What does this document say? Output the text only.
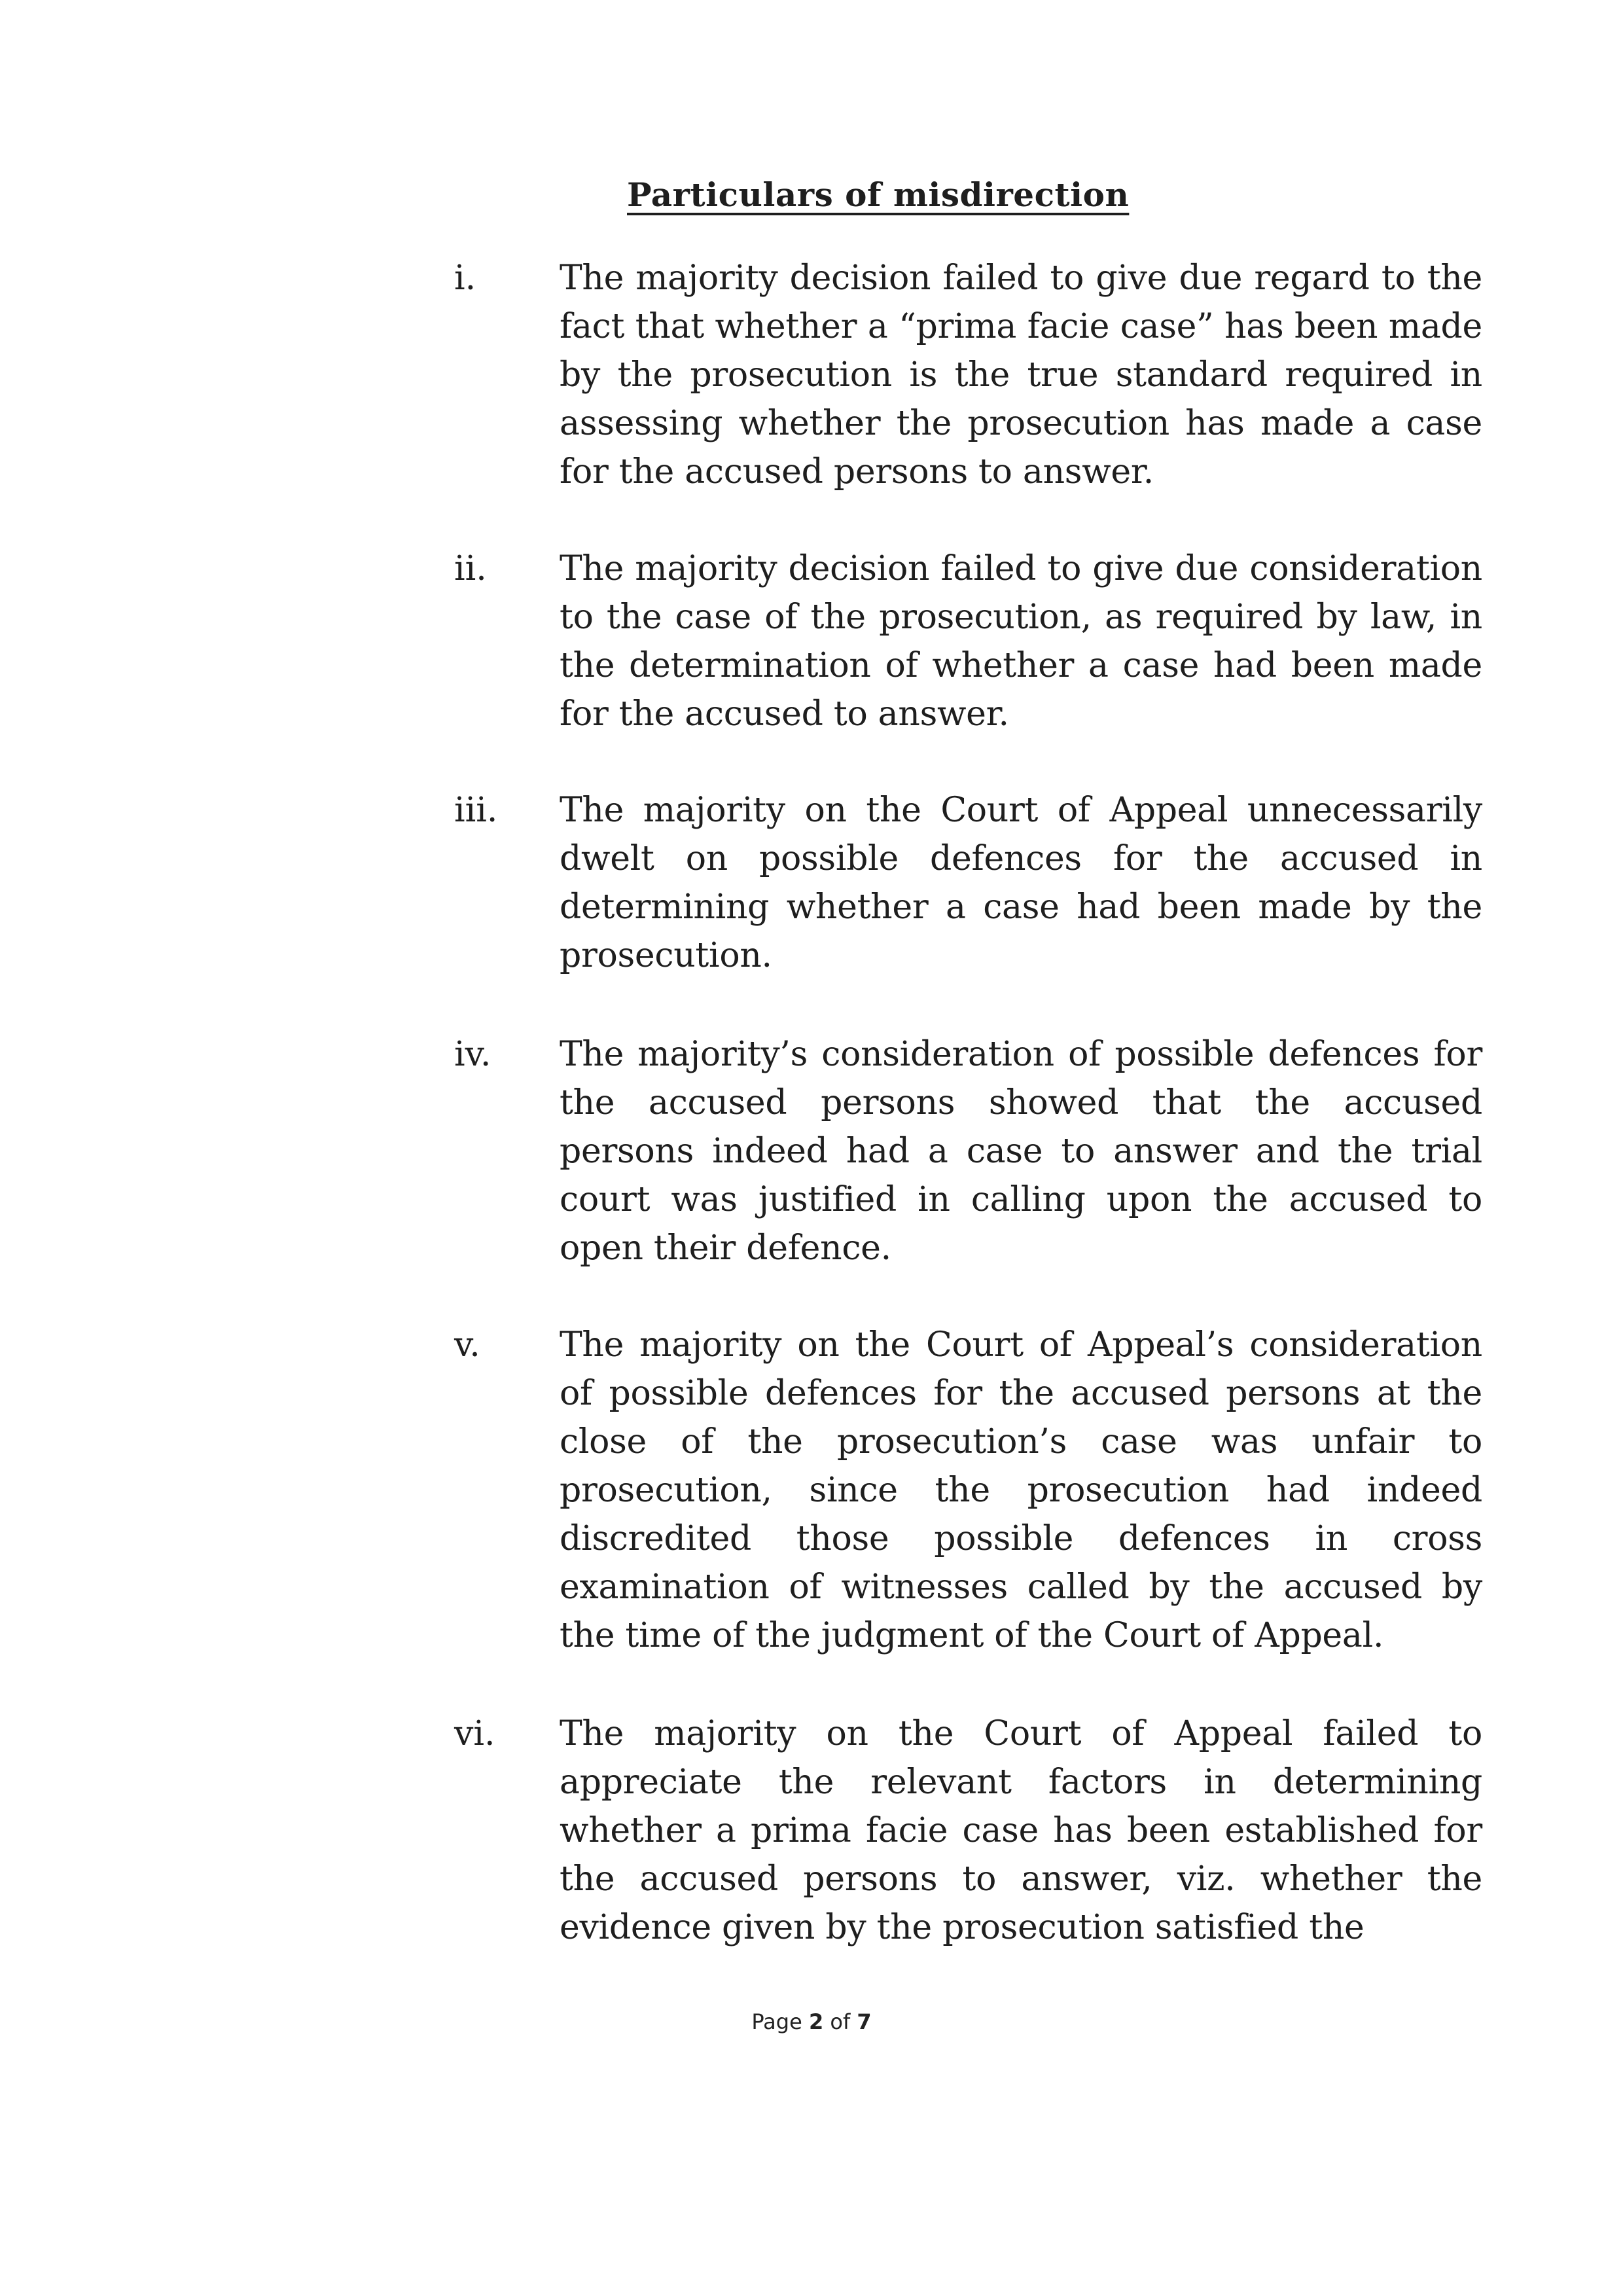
Particulars of misdirection
i. The majority decision failed to give due regard to the fact that whether a “prima facie case” has been made by the prosecution is the true standard required in assessing whether the prosecution has made a case for the accused persons to answer.
ii. The majority decision failed to give due consideration to the case of the prosecution, as required by law, in the determination of whether a case had been made for the accused to answer.
iii. The majority on the Court of Appeal unnecessarily dwelt on possible defences for the accused in determining whether a case had been made by the prosecution.
iv. The majority’s consideration of possible defences for the accused persons showed that the accused persons indeed had a case to answer and the trial court was justified in calling upon the accused to open their defence.
v. The majority on the Court of Appeal’s consideration of possible defences for the accused persons at the close of the prosecution’s case was unfair to prosecution, since the prosecution had indeed discredited those possible defences in cross examination of witnesses called by the accused by the time of the judgment of the Court of Appeal.
vi. The majority on the Court of Appeal failed to appreciate the relevant factors in determining whether a prima facie case has been established for the accused persons to answer, viz. whether the evidence given by the prosecution satisfied the
Page 2 of 7
